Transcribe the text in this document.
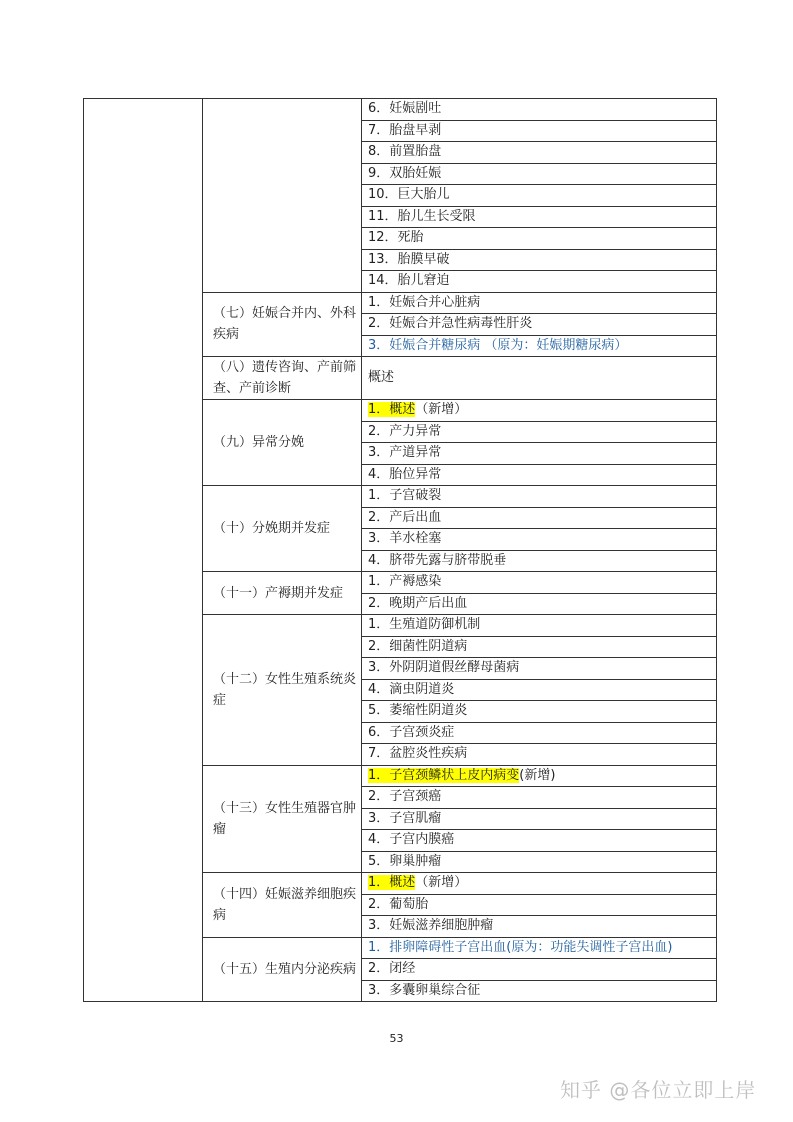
		6．妊娠剧吐
		7．胎盘早剥
		8．前置胎盘
		9．双胎妊娠
		10．巨大胎儿
		11．胎儿生长受限
		12．死胎
		13．胎膜早破
		14．胎儿窘迫
	（七）妊娠合并内、外科疾病	1．妊娠合并心脏病
		2．妊娠合并急性病毒性肝炎
		3．妊娠合并糖尿病 （原为：妊娠期糖尿病）
	（八）遗传咨询、产前筛查、产前诊断	概述
	（九）异常分娩	1．概述（新增）
		2．产力异常
		3．产道异常
		4．胎位异常
	（十）分娩期并发症	1．子宫破裂
		2．产后出血
		3．羊水栓塞
		4．脐带先露与脐带脱垂
	（十一）产褥期并发症	1．产褥感染
		2．晚期产后出血
	（十二）女性生殖系统炎症	1．生殖道防御机制
		2．细菌性阴道病
		3．外阴阴道假丝酵母菌病
		4．滴虫阴道炎
		5．萎缩性阴道炎
		6．子宫颈炎症
		7．盆腔炎性疾病
	（十三）女性生殖器官肿瘤	1．子宫颈鳞状上皮内病变(新增)
		2．子宫颈癌
		3．子宫肌瘤
		4．子宫内膜癌
		5．卵巢肿瘤
	（十四）妊娠滋养细胞疾病	1．概述（新增）
		2．葡萄胎
		3．妊娠滋养细胞肿瘤
	（十五）生殖内分泌疾病	1．排卵障碍性子宫出血(原为：功能失调性子宫出血)
		2．闭经
		3．多囊卵巢综合征
53
知乎 @各位立即上岸
